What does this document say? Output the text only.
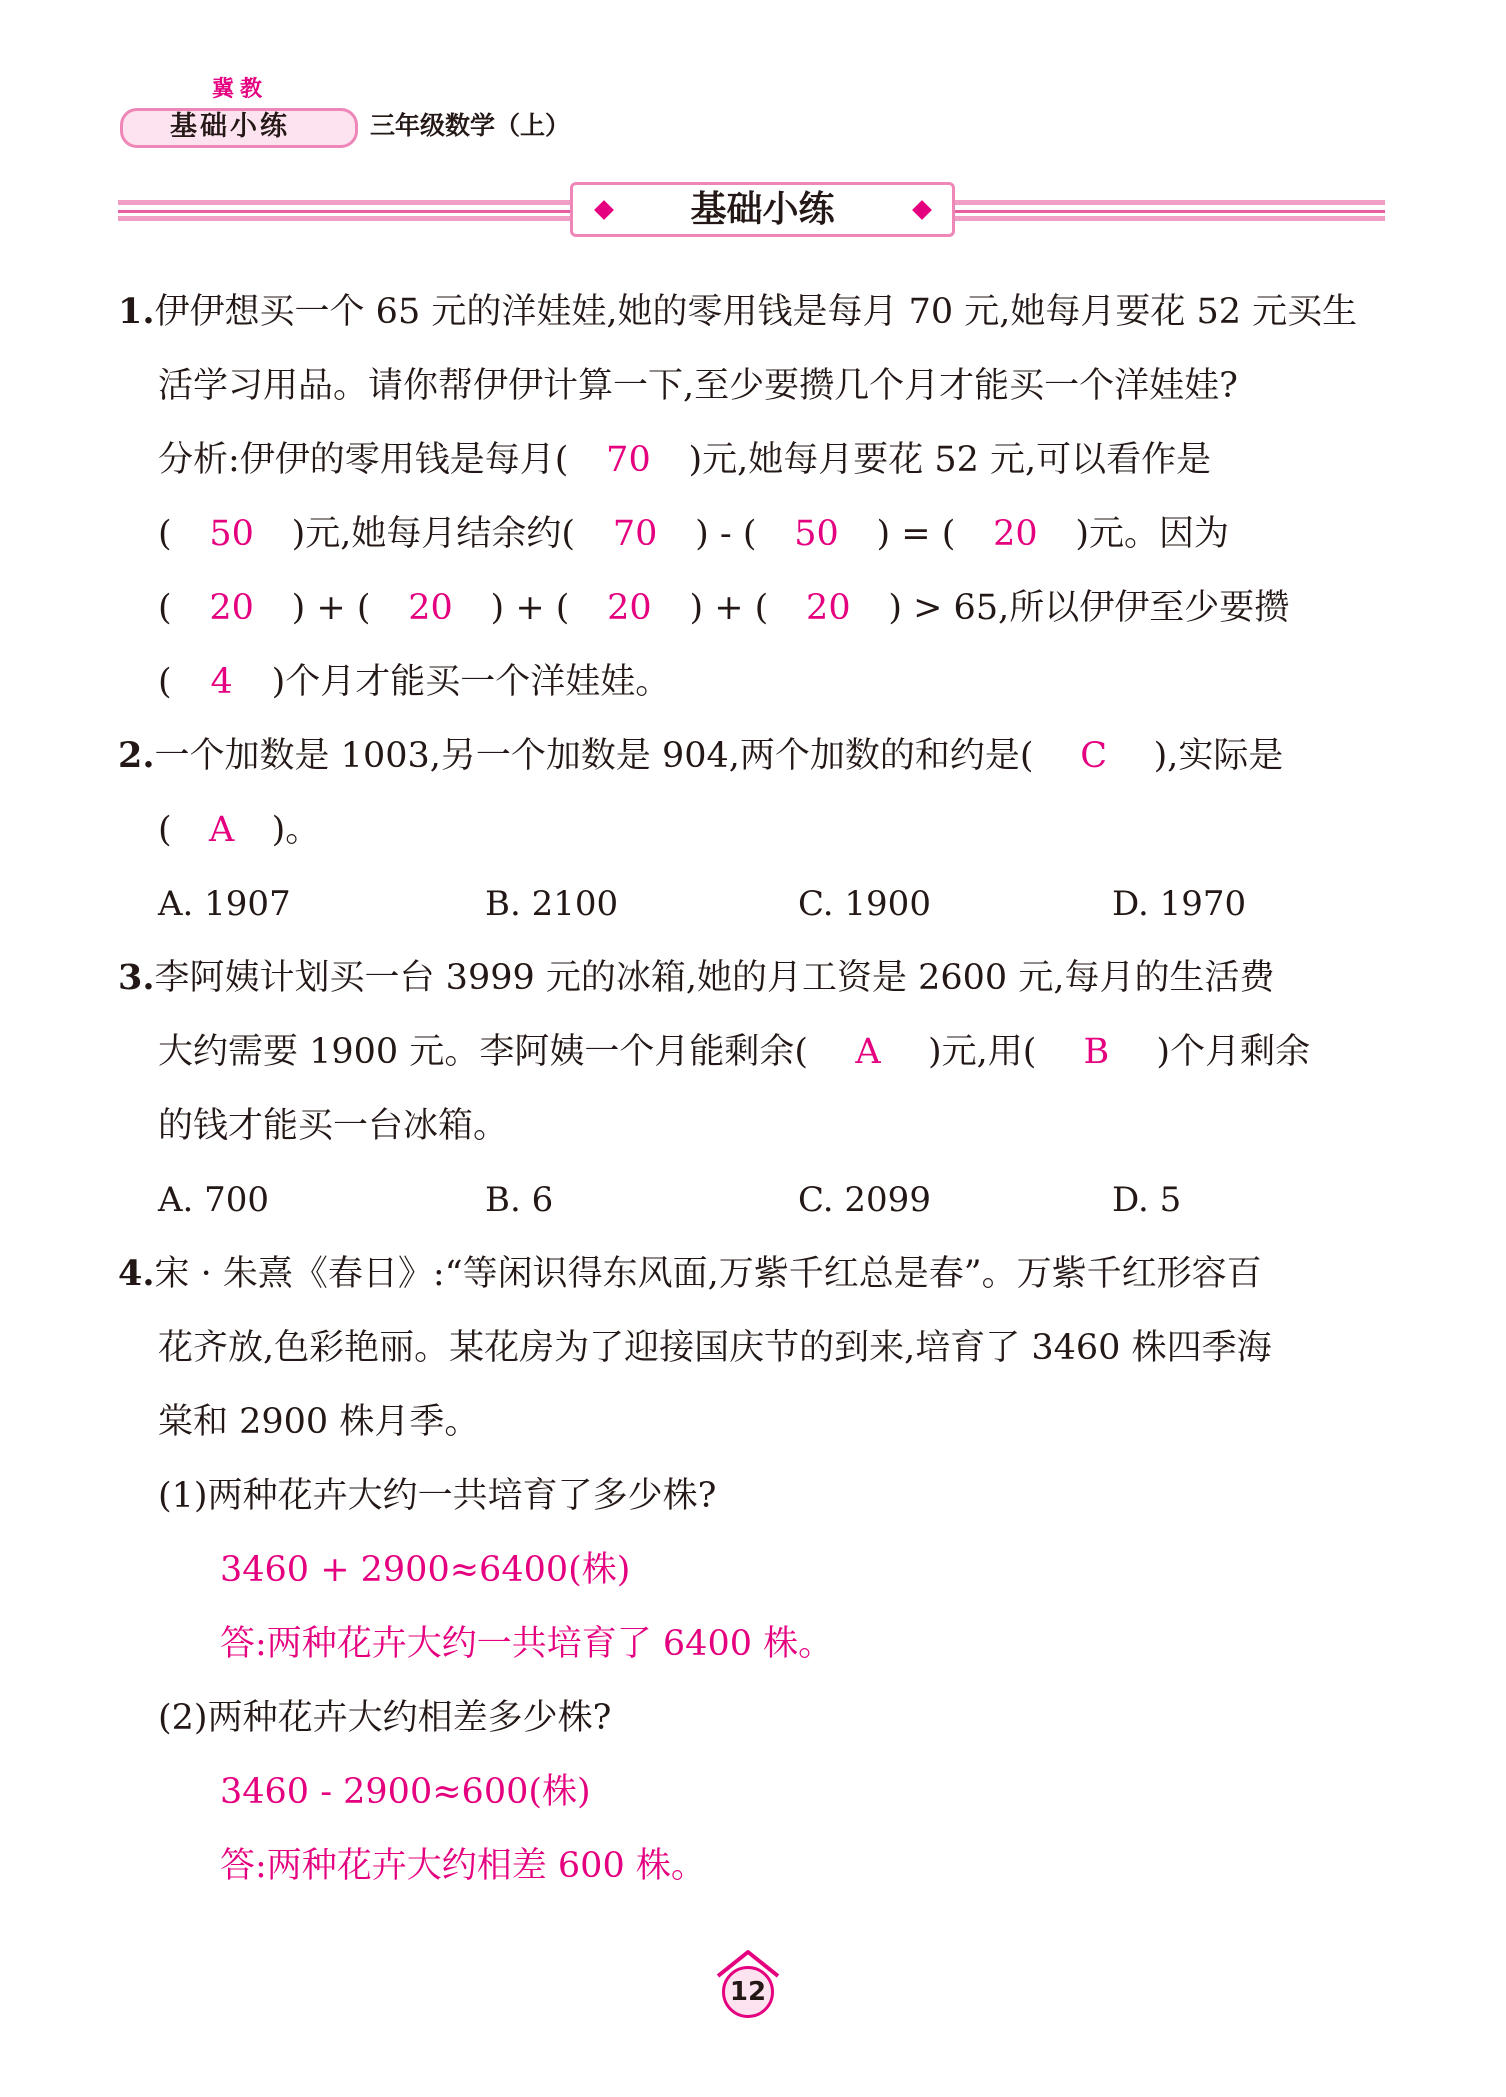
冀教
基础小练	三年级数学（上）
基础小练
1.伊伊想买一个 65 元的洋娃娃,她的零用钱是每月 70 元,她每月要花 52 元买生
活学习用品。请你帮伊伊计算一下,至少要攒几个月才能买一个洋娃娃?
分析:伊伊的零用钱是每月( 70 )元,她每月要花 52 元,可以看作是
( 50 )元,她每月结余约( 70 ) - ( 50 ) = ( 20 )元。因为
( 20 ) + ( 20 ) + ( 20 ) + ( 20 ) > 65,所以伊伊至少要攒
( 4 )个月才能买一个洋娃娃。
2.一个加数是 1003,另一个加数是 904,两个加数的和约是( C ),实际是
( A )。
A. 1907	B. 2100	C. 1900	D. 1970
3.李阿姨计划买一台 3999 元的冰箱,她的月工资是 2600 元,每月的生活费
大约需要 1900 元。李阿姨一个月能剩余( A )元,用( B )个月剩余
的钱才能买一台冰箱。
A. 700	B. 6	C. 2099	D. 5
4.宋 · 朱熹《春日》:“等闲识得东风面,万紫千红总是春”。万紫千红形容百
花齐放,色彩艳丽。某花房为了迎接国庆节的到来,培育了 3460 株四季海
棠和 2900 株月季。
(1)两种花卉大约一共培育了多少株?
3460 + 2900≈6400(株)
答:两种花卉大约一共培育了 6400 株。
(2)两种花卉大约相差多少株?
3460 - 2900≈600(株)
答:两种花卉大约相差 600 株。
12
